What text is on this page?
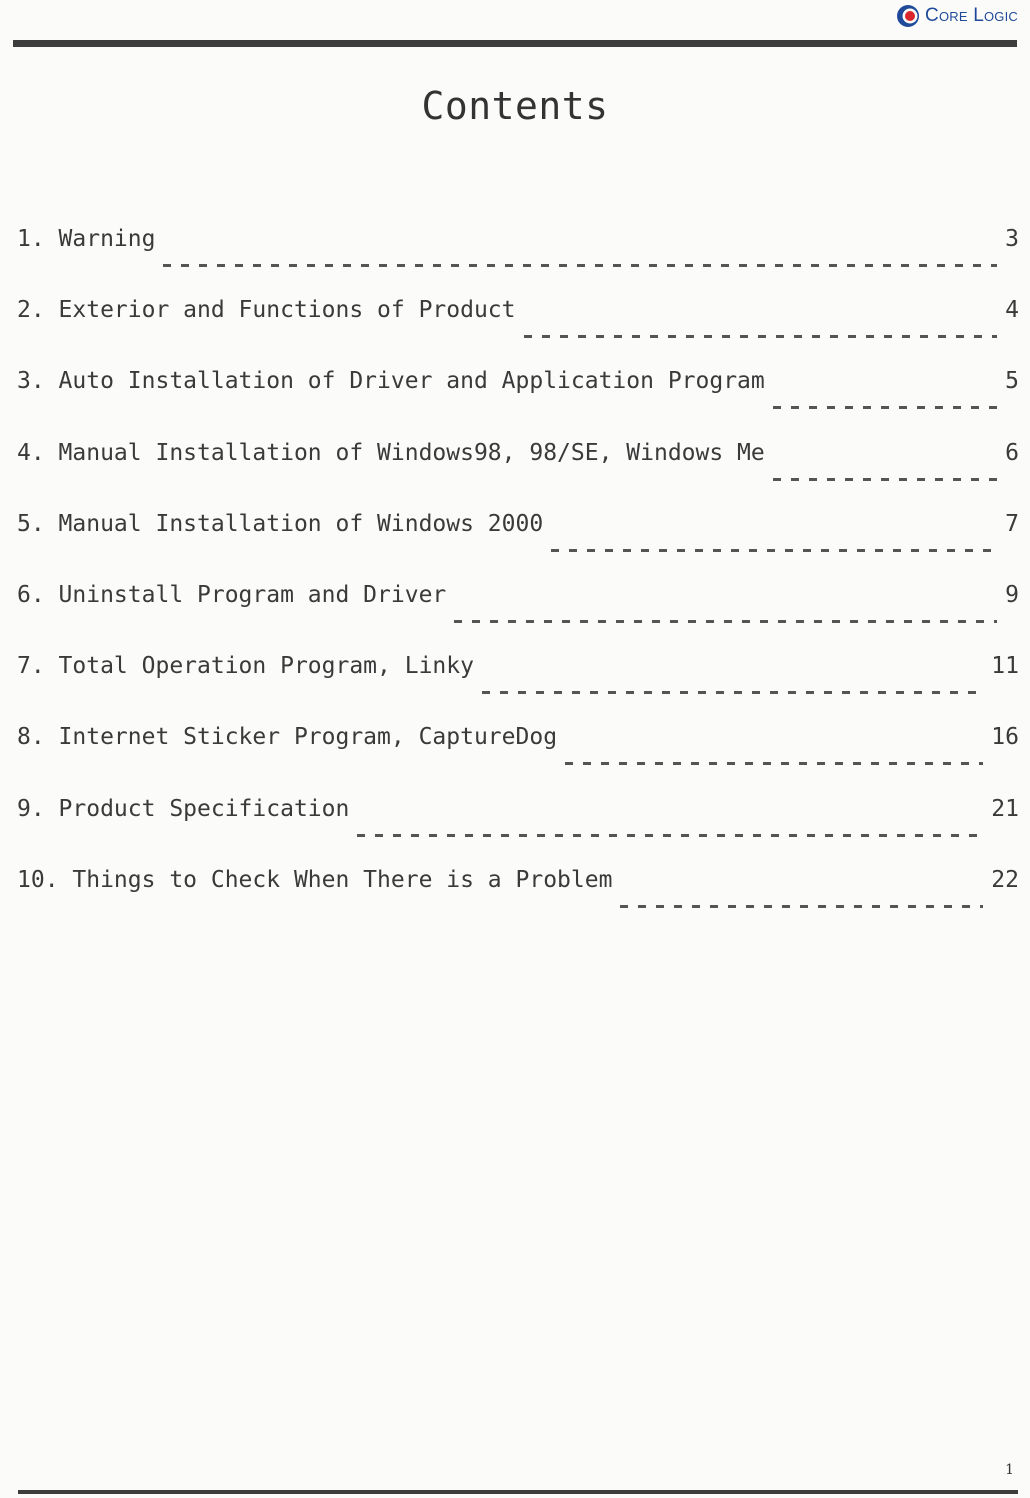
Core Logic
Contents
1. Warning	3
2. Exterior and Functions of Product	4
3. Auto Installation of Driver and Application Program	5
4. Manual Installation of Windows98, 98/SE, Windows Me	6
5. Manual Installation of Windows 2000	7
6. Uninstall Program and Driver	9
7. Total Operation Program, Linky	11
8. Internet Sticker Program, CaptureDog	16
9. Product Specification	21
10. Things to Check When There is a Problem	22
1
